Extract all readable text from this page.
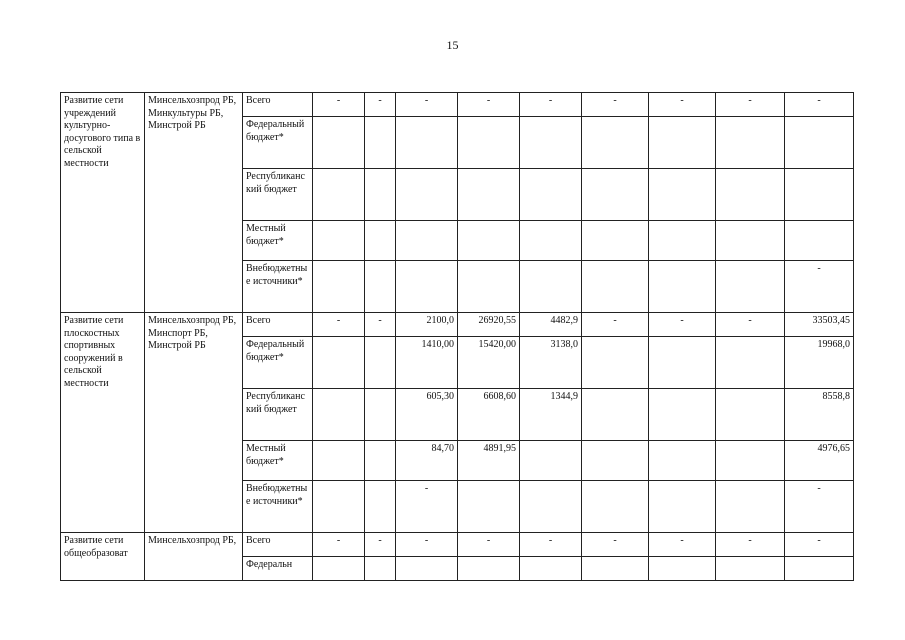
15
Развитие сети учреждений культурно-досугового типа в сельской местности	Минсельхозпрод РБ, Минкультуры РБ, Минстрой РБ	Всего	-	-	-	-	-	-	-	-	-
		Федеральный бюджет*									
		Республиканский бюджет									
		Местный бюджет*									
		Внебюджетные источники*									-
Развитие сети плоскостных спортивных сооружений в сельской местности	Минсельхозпрод РБ, Минспорт РБ, Минстрой РБ	Всего	-	-	2100,0	26920,55	4482,9	-	-	-	33503,45
		Федеральный бюджет*			1410,00	15420,00	3138,0				19968,0
		Республиканский бюджет			605,30	6608,60	1344,9				8558,8
		Местный бюджет*			84,70	4891,95					4976,65
		Внебюджетные источники*			-						-
Развитие сети общеобразоват	Минсельхозпрод РБ,	Всего	-	-	-	-	-	-	-	-	-
		Федеральн									
